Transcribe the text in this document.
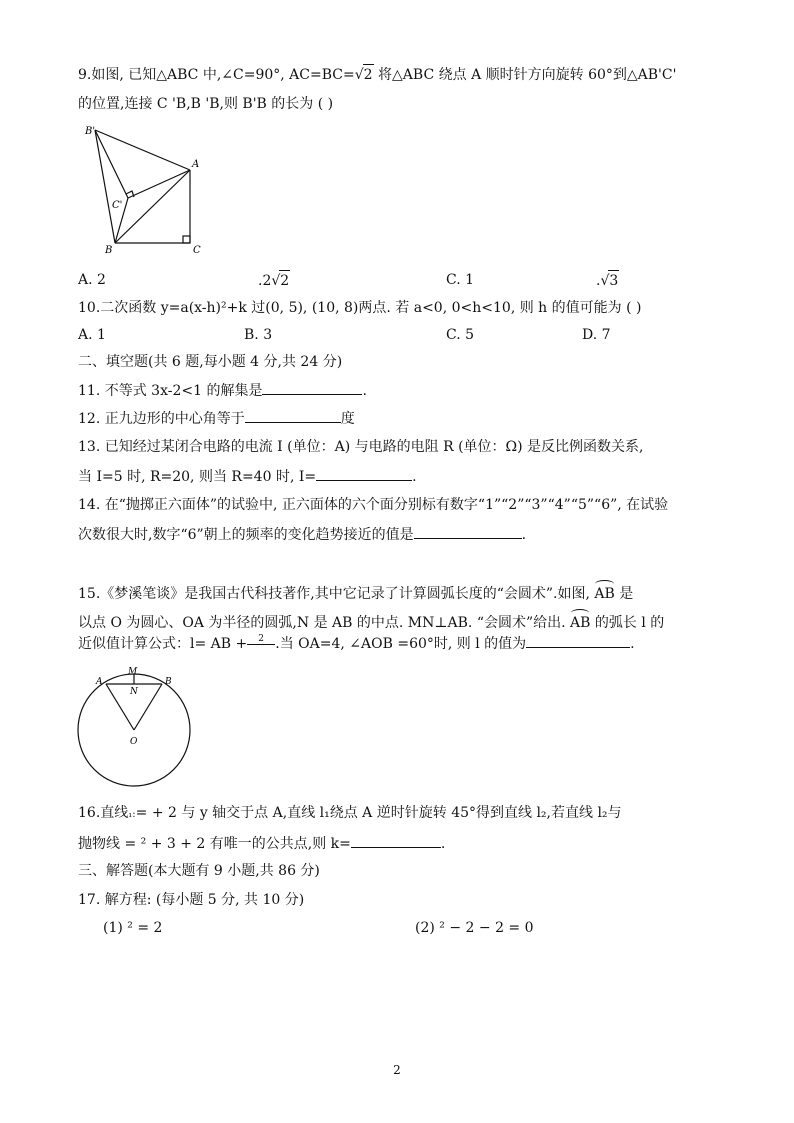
9.如图, 已知△ABC 中,∠C=90°, AC=BC=√2 将△ABC 绕点 A 顺时针方向旋转 60°到△AB'C'
的位置,连接 C 'B,B 'B,则 B'B 的长为 ( )
B'
A
C'
B	C
A. 2	.2√2	C. 1	.√3
10.二次函数 y=a(x-h)²+k 过(0, 5), (10, 8)两点. 若 a<0, 0<h<10, 则 h 的值可能为 ( )
A. 1	B. 3	C. 5	D. 7
二、填空题(共 6 题,每小题 4 分,共 24 分)
11. 不等式 3x-2<1 的解集是	.
12. 正九边形的中心角等于	度
13. 已知经过某闭合电路的电流 I (单位：A) 与电路的电阻 R (单位：Ω) 是反比例函数关系,
当 I=5 时, R=20, 则当 R=40 时, I=	.
14. 在“抛掷正六面体”的试验中, 正六面体的六个面分别标有数字“1”“2”“3”“4”“5”“6”, 在试验
次数很大时,数字“6”朝上的频率的变化趋势接近的值是	.
15.《梦溪笔谈》是我国古代科技著作,其中它记录了计算圆弧长度的“会圆术”.如图, AB 是
以点 O 为圆心、OA 为半径的圆弧,N 是 AB 的中点. MN⊥AB. “会圆术”给出. AB 的弧长 l 的
近似值计算公式：l= AB + 2 .当 OA=4, ∠AOB =60°时, 则 l 的值为	.
M
A	B
N
O
16.直线₁:= + 2 与 y 轴交于点 A,直线 l₁绕点 A 逆时针旋转 45°得到直线 l₂,若直线 l₂与
抛物线 = ² + 3 + 2 有唯一的公共点,则 k=	.
三、解答题(本大题有 9 小题,共 86 分)
17. 解方程: (每小题 5 分, 共 10 分)
(1) ² = 2	(2) ² − 2 − 2 = 0
2
